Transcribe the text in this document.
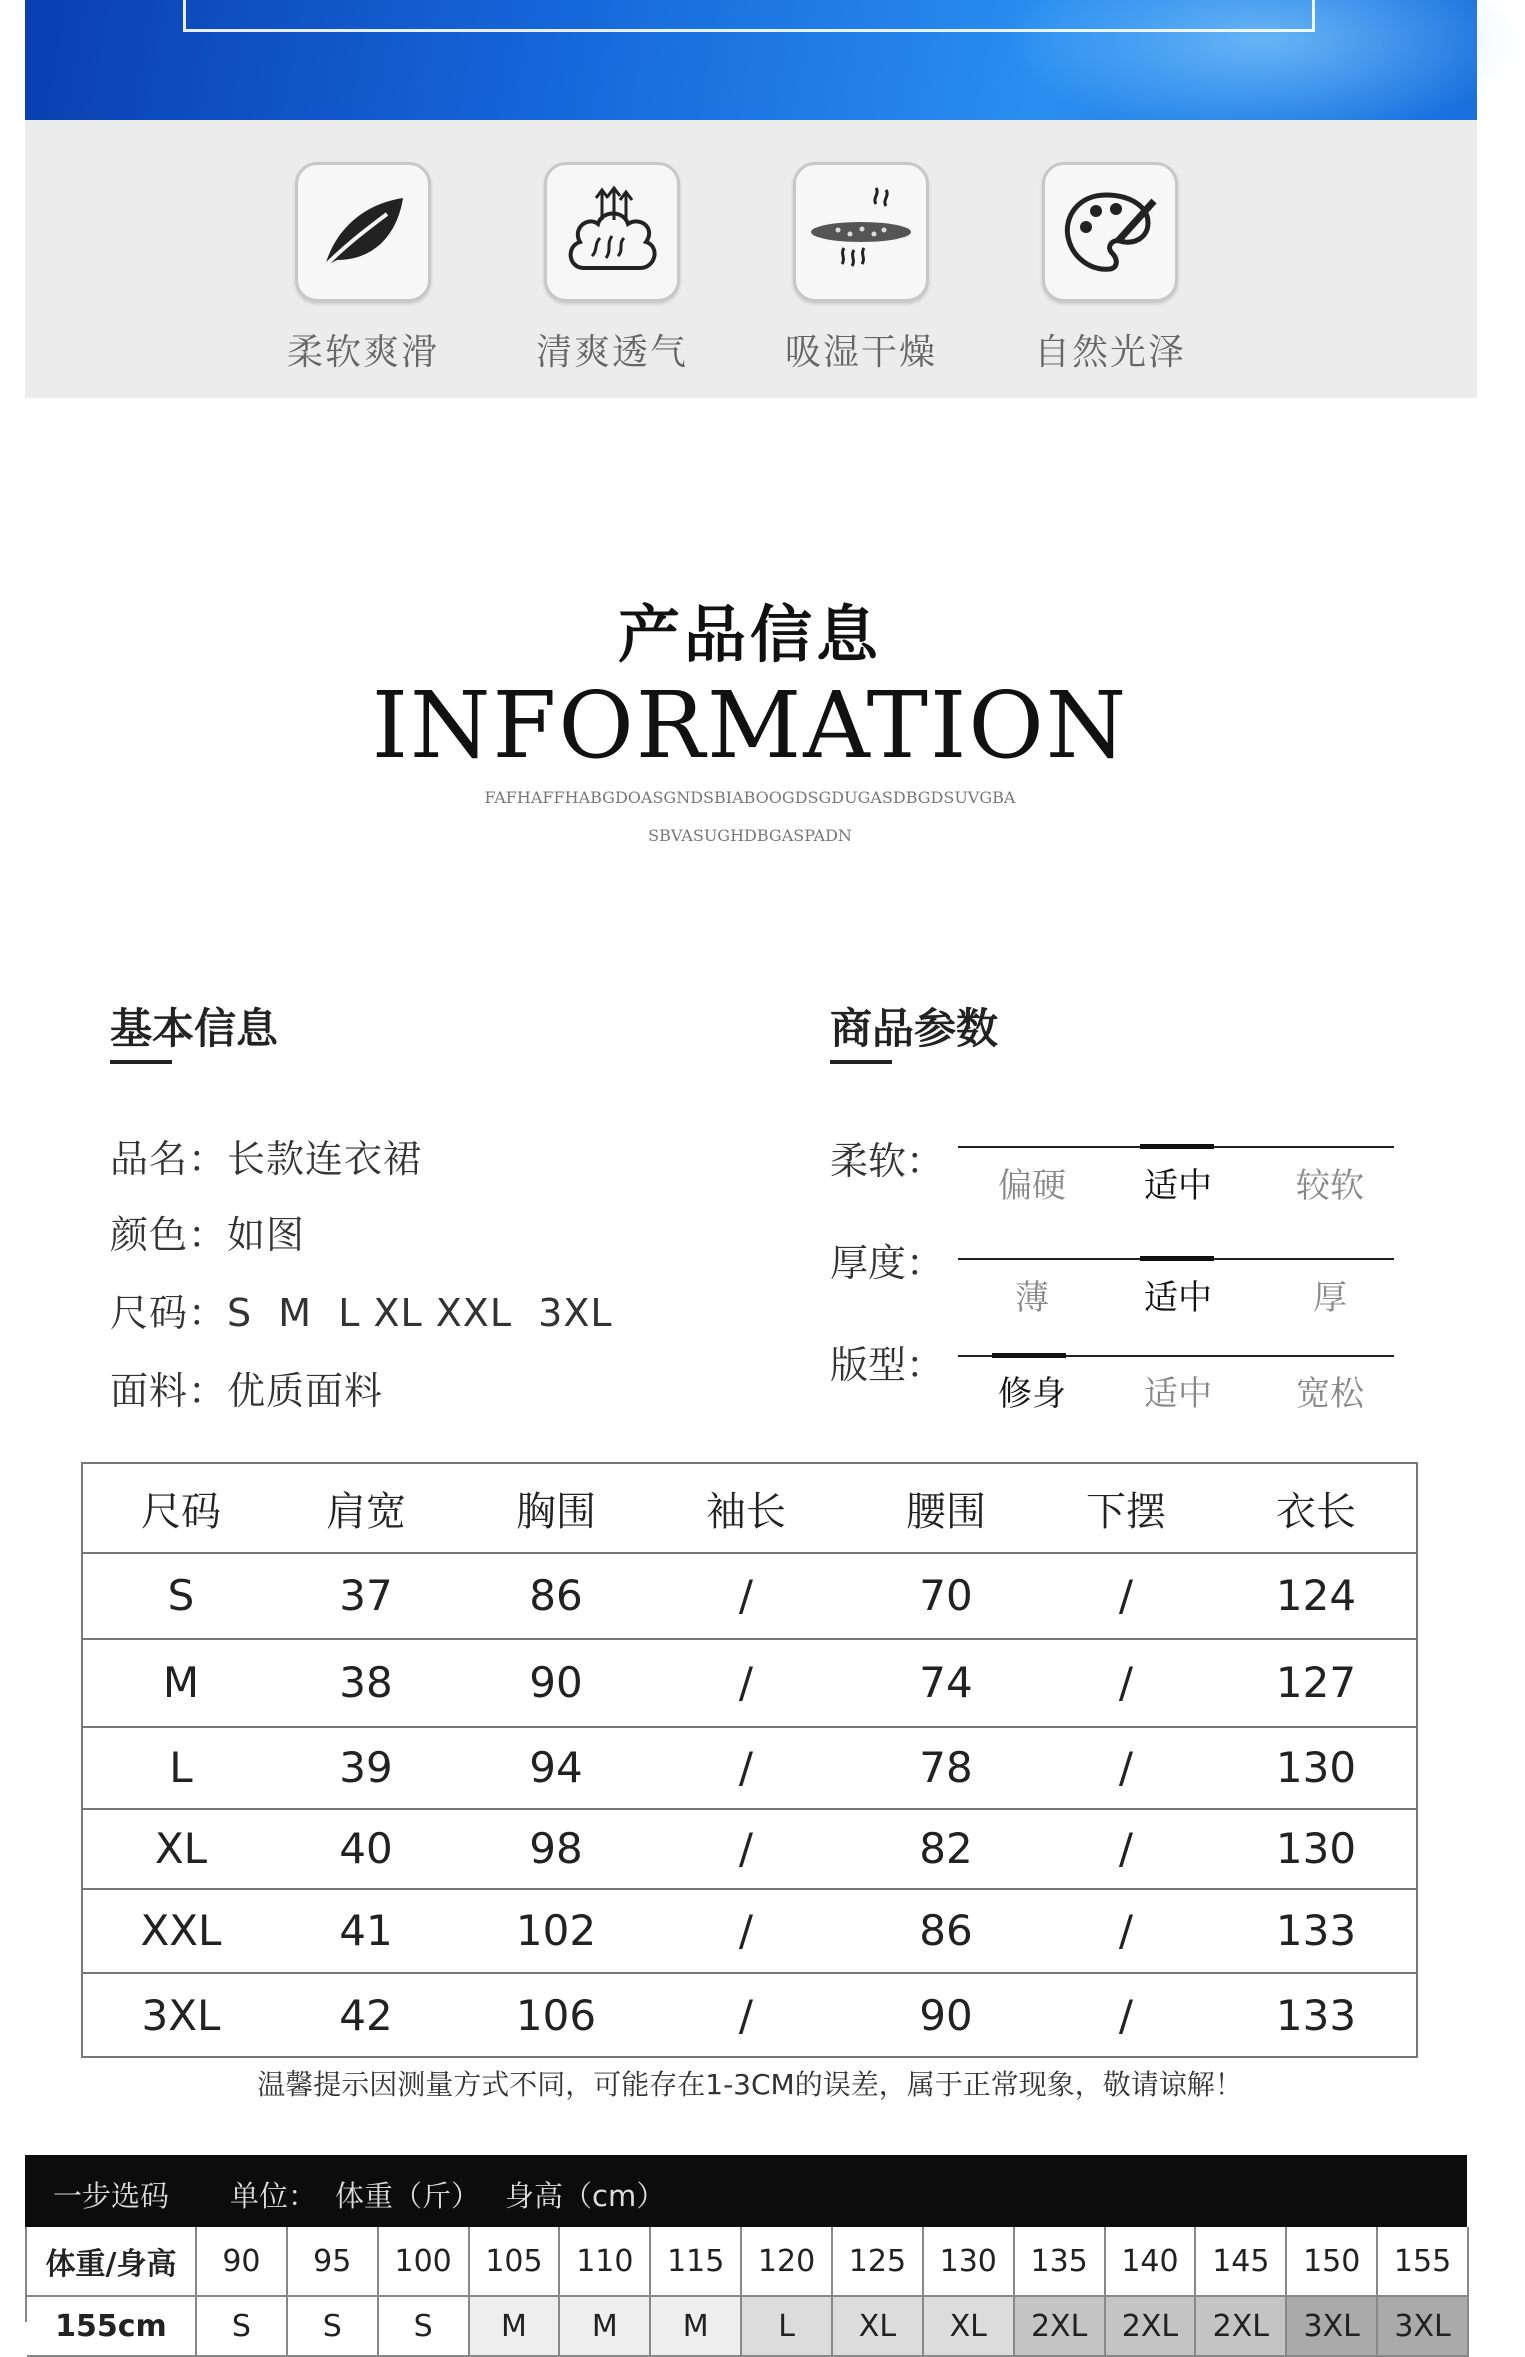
柔软爽滑	清爽透气	吸湿干燥	自然光泽
产品信息
INFORMATION
FAFHAFFHABGDOASGNDSBIABOOGDSGDUGASDBGDSUVGBA
SBVASUGHDBGASPADN
基本信息
品名：长款连衣裙
颜色：如图
尺码：S  M  L XL XXL  3XL
面料：优质面料
商品参数
柔软：
偏硬	适中	较软
厚度：
薄	适中	厚
版型：
修身	适中	宽松
尺码	肩宽	胸围	袖长	腰围	下摆	衣长
S	37	86	/	70	/	124
M	38	90	/	74	/	127
L	39	94	/	78	/	130
XL	40	98	/	82	/	130
XXL	41	102	/	86	/	133
3XL	42	106	/	90	/	133
温馨提示因测量方式不同，可能存在1-3CM的误差，属于正常现象，敬请谅解！
一步选码 单位： 体重（斤） 身高（cm）
体重/身高	90	95	100	105	110	115	120	125	130	135	140	145	150	155
155cm	S	S	S	M	M	M	L	XL	XL	2XL	2XL	2XL	3XL	3XL
